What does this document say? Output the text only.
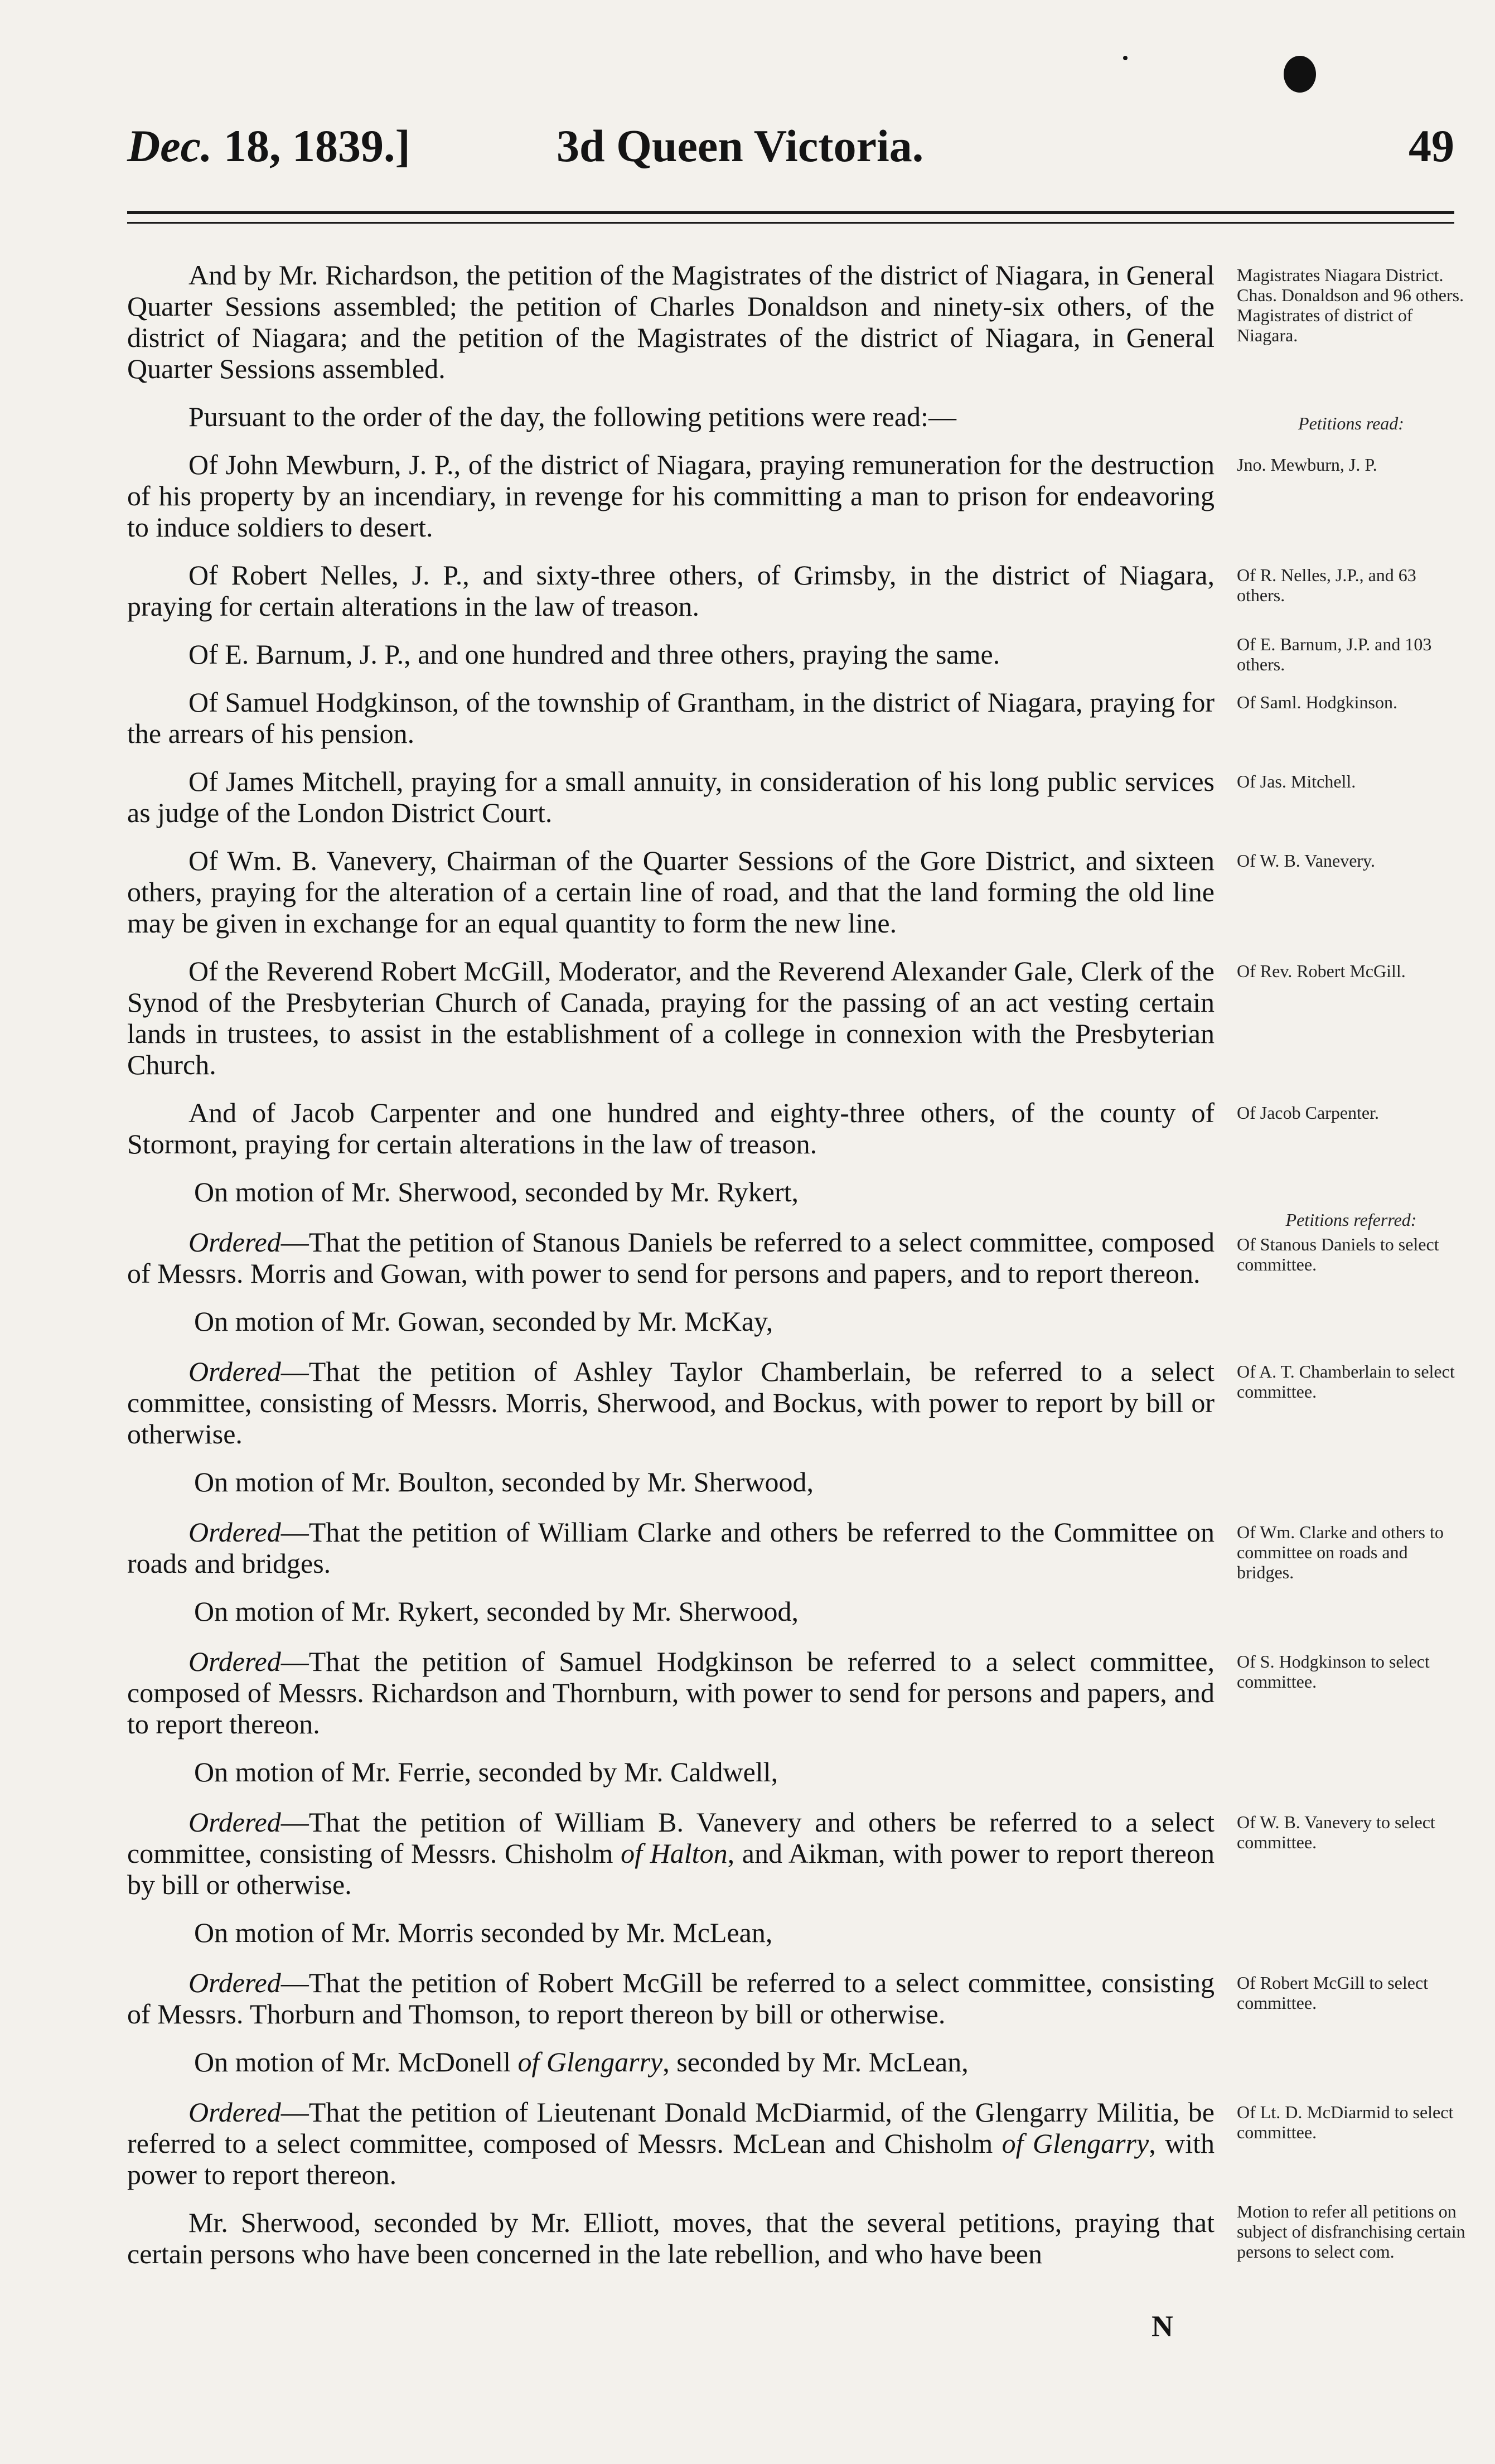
Dec. 18, 1839.]	3d Queen Victoria.	49

And by Mr. Richardson, the petition of the Magistrates of the district of Niagara, in General Quarter Sessions assembled; the petition of Charles Donaldson and ninety-six others, of the district of Niagara; and the petition of the Magistrates of the district of Niagara, in General Quarter Sessions assembled.
Magistrates Niagara District. Chas. Donaldson and 96 others. Magistrates of district of Niagara.

Pursuant to the order of the day, the following petitions were read:—	Petitions read:

Of John Mewburn, J. P., of the district of Niagara, praying remuneration for the destruction of his property by an incendiary, in revenge for his committing a man to prison for endeavoring to induce soldiers to desert.
Jno. Mewburn, J. P.

Of Robert Nelles, J. P., and sixty-three others, of Grimsby, in the district of Niagara, praying for certain alterations in the law of treason.
Of R. Nelles, J.P., and 63 others.

Of E. Barnum, J. P., and one hundred and three others, praying the same.	Of E. Barnum, J.P. and 103 others.

Of Samuel Hodgkinson, of the township of Grantham, in the district of Niagara, praying for the arrears of his pension.
Of Saml. Hodgkinson.

Of James Mitchell, praying for a small annuity, in consideration of his long public services as judge of the London District Court.
Of Jas. Mitchell.

Of Wm. B. Vanevery, Chairman of the Quarter Sessions of the Gore District, and sixteen others, praying for the alteration of a certain line of road, and that the land forming the old line may be given in exchange for an equal quantity to form the new line.
Of W. B. Vanevery.

Of the Reverend Robert McGill, Moderator, and the Reverend Alexander Gale, Clerk of the Synod of the Presbyterian Church of Canada, praying for the passing of an act vesting certain lands in trustees, to assist in the establishment of a college in connexion with the Presbyterian Church.
Of Rev. Robert McGill.

And of Jacob Carpenter and one hundred and eighty-three others, of the county of Stormont, praying for certain alterations in the law of treason.
Of Jacob Carpenter.

On motion of Mr. Sherwood, seconded by Mr. Rykert,

Ordered—That the petition of Stanous Daniels be referred to a select committee, composed of Messrs. Morris and Gowan, with power to send for persons and papers, and to report thereon.
Petitions referred:
Of Stanous Daniels to select committee.

On motion of Mr. Gowan, seconded by Mr. McKay,

Ordered—That the petition of Ashley Taylor Chamberlain, be referred to a select committee, consisting of Messrs. Morris, Sherwood, and Bockus, with power to report by bill or otherwise.
Of A. T. Chamberlain to select committee.

On motion of Mr. Boulton, seconded by Mr. Sherwood,

Ordered—That the petition of William Clarke and others be referred to the Committee on roads and bridges.
Of Wm. Clarke and others to committee on roads and bridges.

On motion of Mr. Rykert, seconded by Mr. Sherwood,

Ordered—That the petition of Samuel Hodgkinson be referred to a select committee, composed of Messrs. Richardson and Thornburn, with power to send for persons and papers, and to report thereon.
Of S. Hodgkinson to select committee.

On motion of Mr. Ferrie, seconded by Mr. Caldwell,

Ordered—That the petition of William B. Vanevery and others be referred to a select committee, consisting of Messrs. Chisholm of Halton, and Aikman, with power to report thereon by bill or otherwise.
Of W. B. Vanevery to select committee.

On motion of Mr. Morris seconded by Mr. McLean,

Ordered—That the petition of Robert McGill be referred to a select committee, consisting of Messrs. Thorburn and Thomson, to report thereon by bill or otherwise.
Of Robert McGill to select committee.

On motion of Mr. McDonell of Glengarry, seconded by Mr. McLean,

Ordered—That the petition of Lieutenant Donald McDiarmid, of the Glengarry Militia, be referred to a select committee, composed of Messrs. McLean and Chisholm of Glengarry, with power to report thereon.
Of Lt. D. McDiarmid to select committee.

Mr. Sherwood, seconded by Mr. Elliott, moves, that the several petitions, praying that certain persons who have been concerned in the late rebellion, and who have been
Motion to refer all petitions on subject of disfranchising certain persons to select com.

N
